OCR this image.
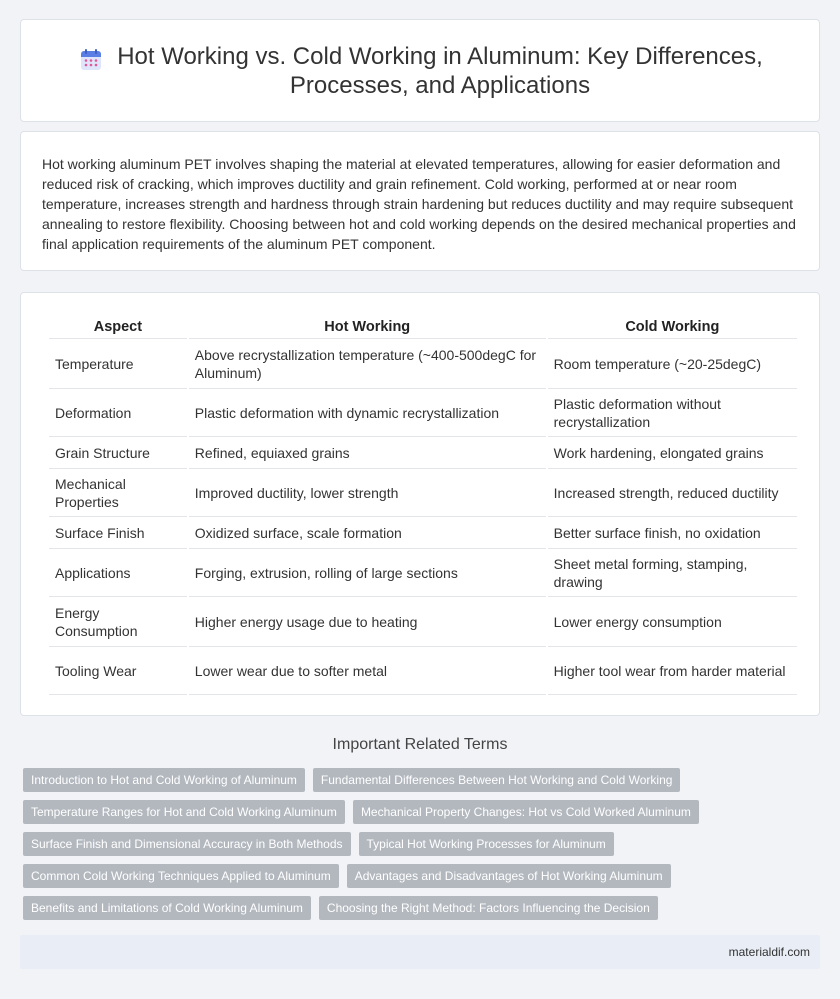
Hot Working vs. Cold Working in Aluminum: Key Differences, Processes, and Applications

Hot working aluminum PET involves shaping the material at elevated temperatures, allowing for easier deformation and reduced risk of cracking, which improves ductility and grain refinement. Cold working, performed at or near room temperature, increases strength and hardness through strain hardening but reduces ductility and may require subsequent annealing to restore flexibility. Choosing between hot and cold working depends on the desired mechanical properties and final application requirements of the aluminum PET component.

Aspect	Hot Working	Cold Working
Temperature	Above recrystallization temperature (~400-500degC for Aluminum)	Room temperature (~20-25degC)
Deformation	Plastic deformation with dynamic recrystallization	Plastic deformation without recrystallization
Grain Structure	Refined, equiaxed grains	Work hardening, elongated grains
Mechanical Properties	Improved ductility, lower strength	Increased strength, reduced ductility
Surface Finish	Oxidized surface, scale formation	Better surface finish, no oxidation
Applications	Forging, extrusion, rolling of large sections	Sheet metal forming, stamping, drawing
Energy Consumption	Higher energy usage due to heating	Lower energy consumption
Tooling Wear	Lower wear due to softer metal	Higher tool wear from harder material
Important Related Terms
Introduction to Hot and Cold Working of Aluminum	Fundamental Differences Between Hot Working and Cold Working
Temperature Ranges for Hot and Cold Working Aluminum	Mechanical Property Changes: Hot vs Cold Worked Aluminum
Surface Finish and Dimensional Accuracy in Both Methods	Typical Hot Working Processes for Aluminum
Common Cold Working Techniques Applied to Aluminum	Advantages and Disadvantages of Hot Working Aluminum
Benefits and Limitations of Cold Working Aluminum	Choosing the Right Method: Factors Influencing the Decision
materialdif.com
